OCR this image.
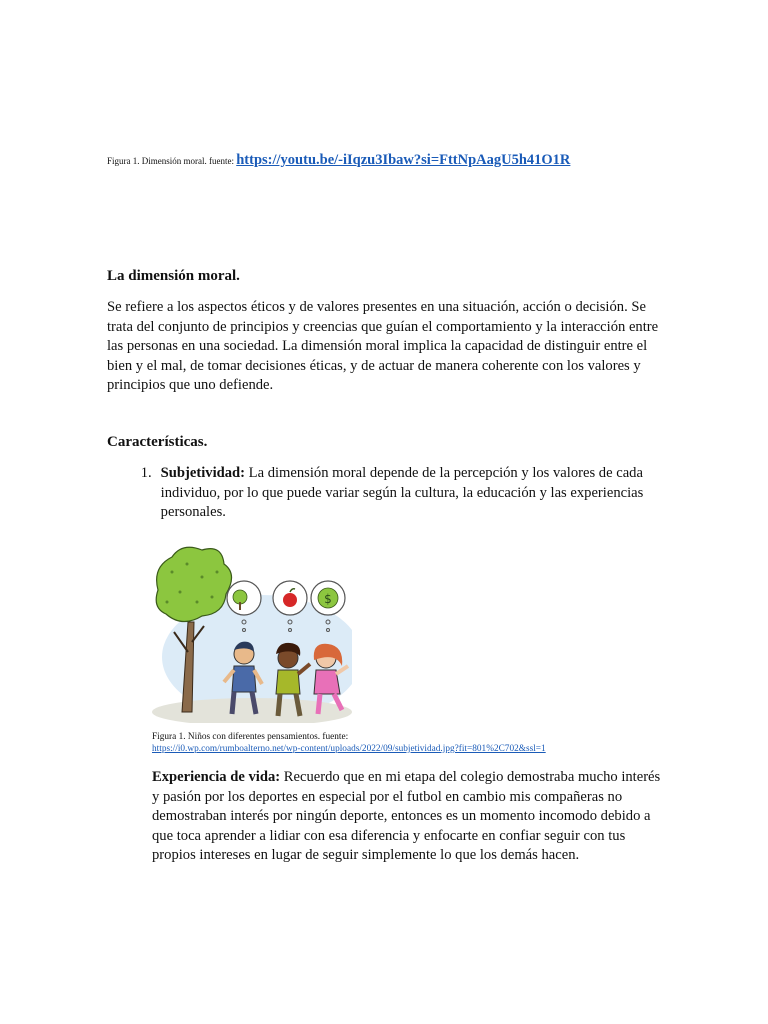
Figura 1. Dimensión moral. fuente: https://youtu.be/-iIqzu3Ibaw?si=FttNpAagU5h41O1R
La dimensión moral.

Se refiere a los aspectos éticos y de valores presentes en una situación, acción o decisión. Se trata del conjunto de principios y creencias que guían el comportamiento y la interacción entre las personas en una sociedad. La dimensión moral implica la capacidad de distinguir entre el bien y el mal, de tomar decisiones éticas, y de actuar de manera coherente con los valores y principios que uno defiende.

Características.
1. Subjetividad: La dimensión moral depende de la percepción y los valores de cada individuo, por lo que puede variar según la cultura, la educación y las experiencias personales.
$
Figura 1. Niños con diferentes pensamientos. fuente:
https://i0.wp.com/rumboalterno.net/wp-content/uploads/2022/09/subjetividad.jpg?fit=801%2C702&ssl=1

Experiencia de vida: Recuerdo que en mi etapa del colegio demostraba mucho interés y pasión por los deportes en especial por el futbol en cambio mis compañeras no demostraban interés por ningún deporte, entonces es un momento incomodo debido a que toca aprender a lidiar con esa diferencia y enfocarte en confiar seguir con tus propios intereses en lugar de seguir simplemente lo que los demás hacen.
